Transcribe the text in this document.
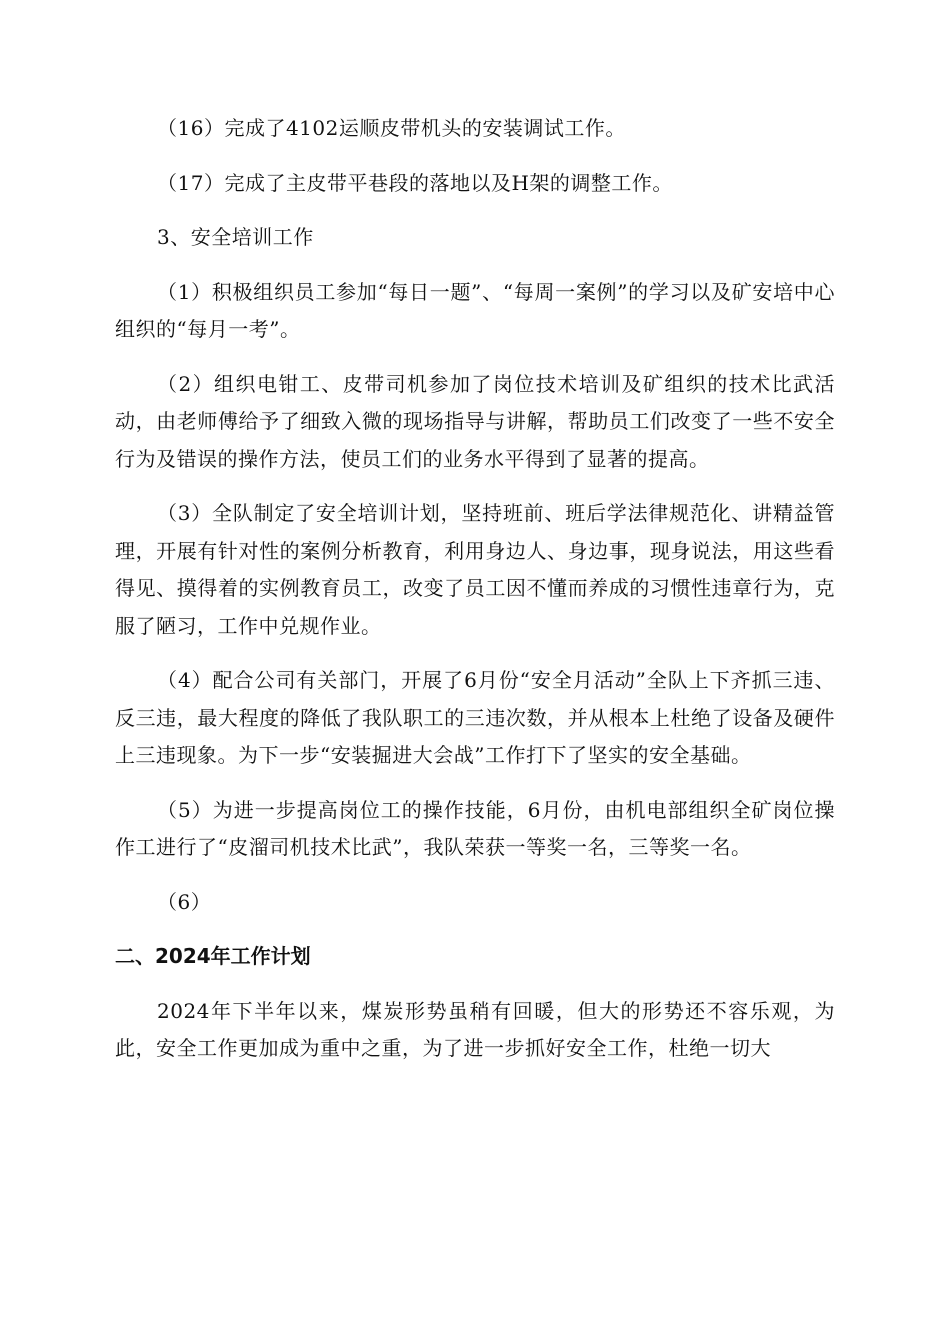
（16）完成了4102运顺皮带机头的安装调试工作。

（17）完成了主皮带平巷段的落地以及H架的调整工作。

3、安全培训工作

（1）积极组织员工参加“每日一题”、“每周一案例”的学习以及矿安培中心组织的“每月一考”。

（2）组织电钳工、皮带司机参加了岗位技术培训及矿组织的技术比武活动，由老师傅给予了细致入微的现场指导与讲解，帮助员工们改变了一些不安全行为及错误的操作方法，使员工们的业务水平得到了显著的提高。

（3）全队制定了安全培训计划，坚持班前、班后学法律规范化、讲精益管理，开展有针对性的案例分析教育，利用身边人、身边事，现身说法，用这些看得见、摸得着的实例教育员工，改变了员工因不懂而养成的习惯性违章行为，克服了陋习，工作中兑规作业。

（4）配合公司有关部门，开展了6月份“安全月活动”全队上下齐抓三违、反三违，最大程度的降低了我队职工的三违次数，并从根本上杜绝了设备及硬件上三违现象。为下一步“安装掘进大会战”工作打下了坚实的安全基础。

（5）为进一步提高岗位工的操作技能，6月份，由机电部组织全矿岗位操作工进行了“皮溜司机技术比武”，我队荣获一等奖一名，三等奖一名。

（6）

二、2024年工作计划

2024年下半年以来，煤炭形势虽稍有回暖，但大的形势还不容乐观，为此，安全工作更加成为重中之重，为了进一步抓好安全工作，杜绝一切大
